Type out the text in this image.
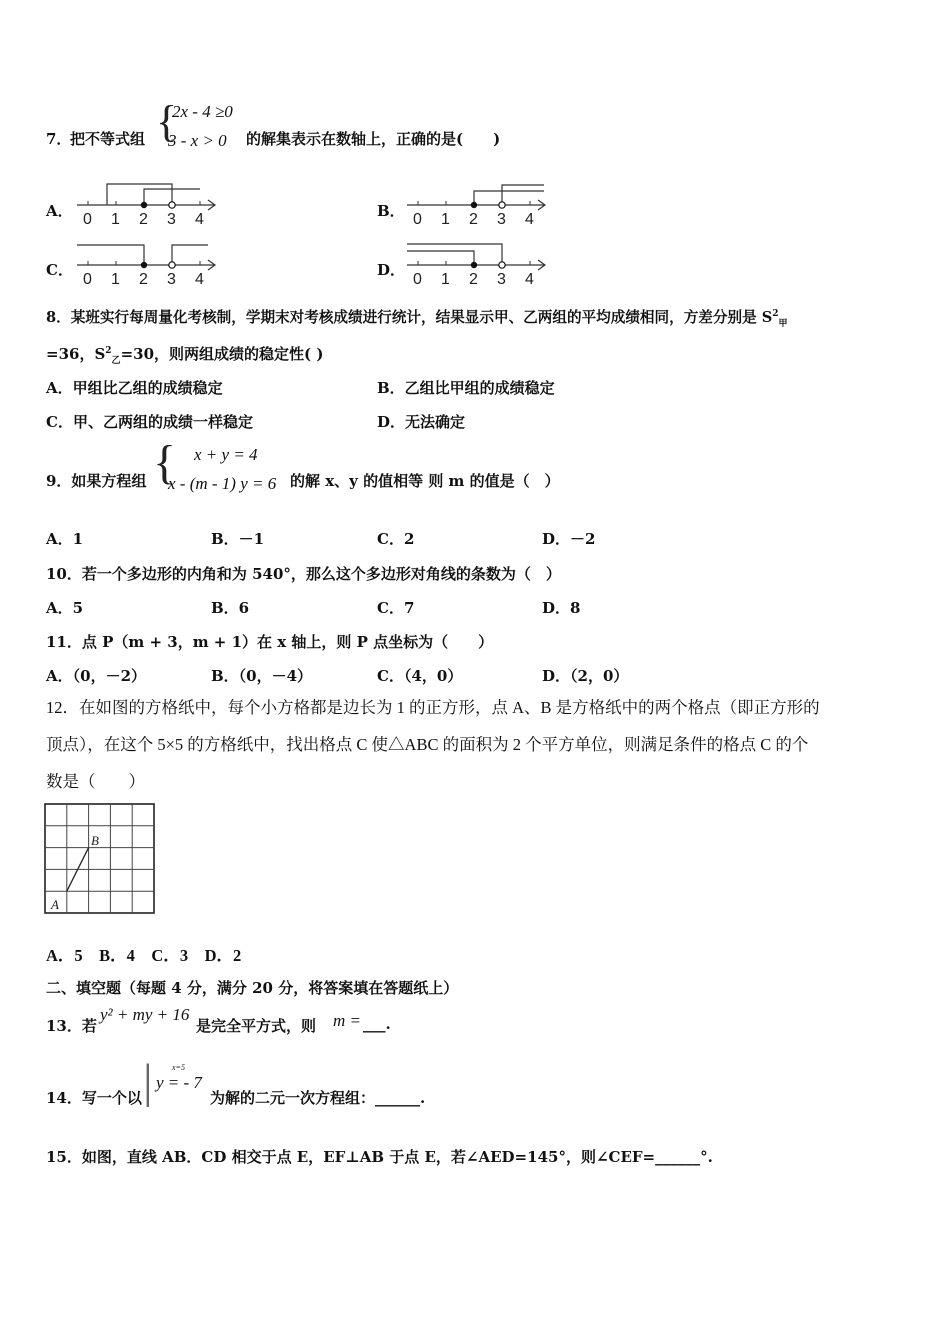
7．
把不等式组 {
2x - 4 ≥0
3 - x > 0 的解集表示在数轴上，正确的是(　　)
A． 0 1 2 3 4	B． 0 1 2 3 4
C．
0 1 2 3 4
D．
0 1 2 3 4
8．某班实行每周量化考核制，学期末对考核成绩进行统计，结果显示甲、乙两组的平均成绩相同，方差分别是 $S^2_甲$
=36，$S^2_乙=30$，则两组成绩的稳定性( )
A．甲组比乙组的成绩稳定	B．乙组比甲组的成绩稳定
C．甲、乙两组的成绩一样稳定	D．无法确定
9．如果方程组 { x + y = 4
x - (m - 1) y = 6 的解 x、y 的值相等 则 m 的值是（　）
A．1	B．－1	C．2	D．－2
10．若一个多边形的内角和为 540°，那么这个多边形对角线的条数为（　）
A．5	B．6	C．7	D．8
11．点 P（m + 3，m + 1）在 x 轴上，则 P 点坐标为（　　）
A．（0，－2）	B．（0，－4）	C．（4，0）	D．（2，0）
12．在如图的方格纸中，每个小方格都是边长为 1 的正方形，点 A、B 是方格纸中的两个格点（即正方形的
顶点），在这个 5×5 的方格纸中，找出格点 C 使△ABC 的面积为 2 个平方单位，则满足条件的格点 C 的个
数是（　　）
A
B
A．5　B．4　C．3　D．2
二、填空题（每题 4 分，满分 20 分，将答案填在答题纸上）
13．若
y² + my + 16
是完全平方式，则 m = ___.
14．写一个以 | x=5
y = - 7
为解的二元一次方程组：______.
15．如图，直线 AB．CD 相交于点 E，EF⊥AB 于点 E，若∠AED=145°，则∠CEF=______°.
